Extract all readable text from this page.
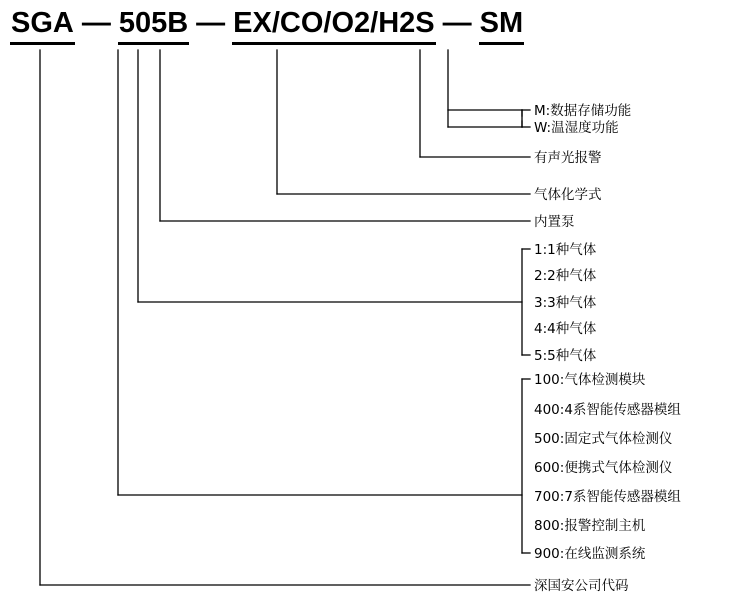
SGA — 505B — EX/CO/O2/H2S — SM
M:数据存储功能
W:温湿度功能
有声光报警
气体化学式
内置泵
1:1种气体
2:2种气体
3:3种气体
4:4种气体
5:5种气体
100:气体检测模块
400:4系智能传感器模组
500:固定式气体检测仪
600:便携式气体检测仪
700:7系智能传感器模组
800:报警控制主机
900:在线监测系统
深国安公司代码
